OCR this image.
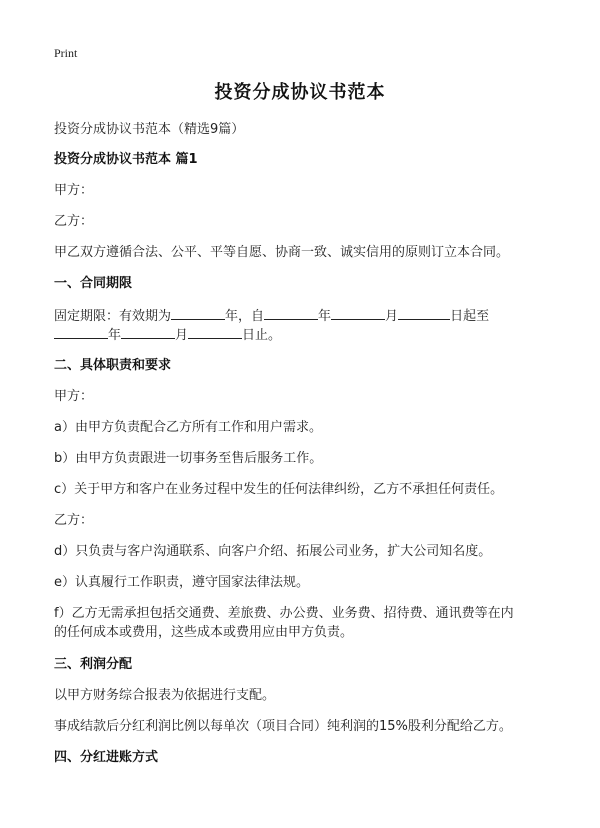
Print
投资分成协议书范本
投资分成协议书范本（精选9篇）
投资分成协议书范本 篇1
甲方：
乙方：
甲乙双方遵循合法、公平、平等自愿、协商一致、诚实信用的原则订立本合同。
一、合同期限
固定期限：有效期为	年，自	年	月	日起至
年	月	日止。
二、具体职责和要求
甲方：
a）由甲方负责配合乙方所有工作和用户需求。
b）由甲方负责跟进一切事务至售后服务工作。
c）关于甲方和客户在业务过程中发生的任何法律纠纷，乙方不承担任何责任。
乙方：
d）只负责与客户沟通联系、向客户介绍、拓展公司业务，扩大公司知名度。
e）认真履行工作职责，遵守国家法律法规。
f）乙方无需承担包括交通费、差旅费、办公费、业务费、招待费、通讯费等在内
的任何成本或费用，这些成本或费用应由甲方负责。
三、利润分配
以甲方财务综合报表为依据进行支配。
事成结款后分红利润比例以每单次（项目合同）纯利润的15%股利分配给乙方。
四、分红进账方式
